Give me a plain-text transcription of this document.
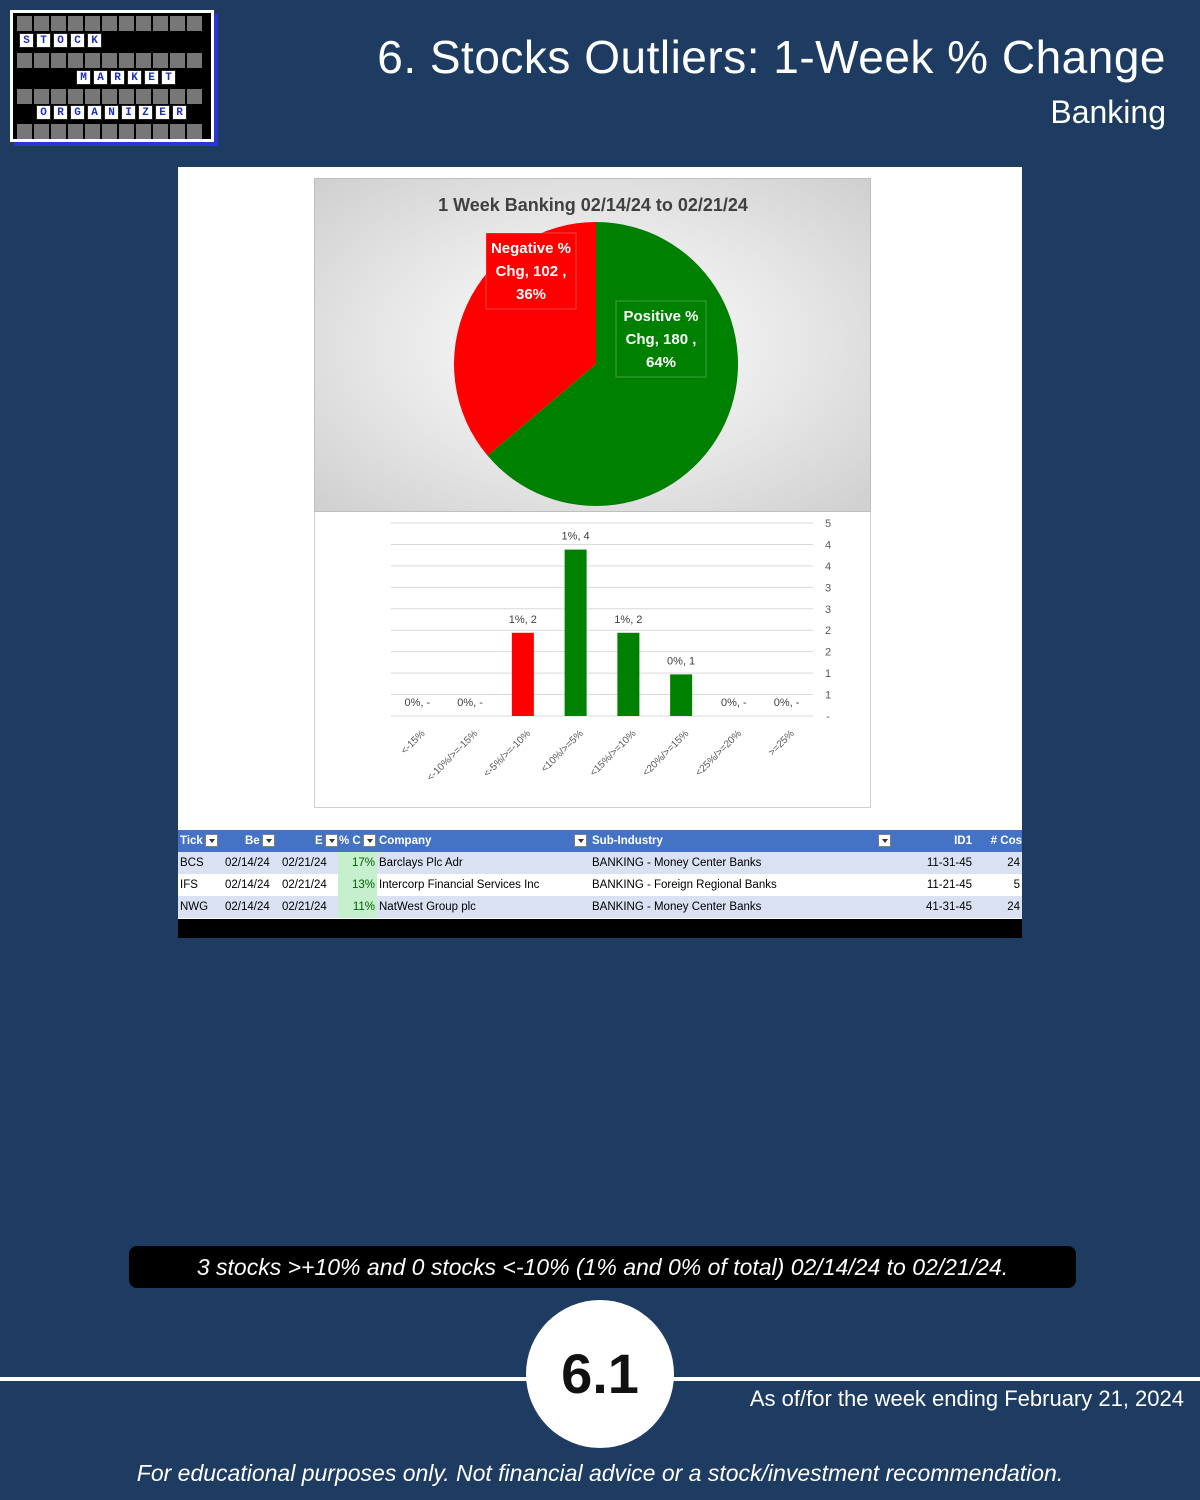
S T O C K
M A R K E T
O R G A N I Z E R
6. Stocks Outliers: 1-Week % Change
Banking
1 Week Banking 02/14/24 to 02/21/24
Positive %
Chg, 180 ,
64%
Negative %
Chg, 102 ,
36%
-
1
1
2
2
3
3
4
4
5
0%, -
<-15%
0%, -
<-10%/>=-15%
1%, 2
<-5%/>=-10%
1%, 4
<10%/>=5%
1%, 2
<15%/>=10%
0%, 1
<20%/>=15%
0%, -
<25%/>=20%
0%, -
>=25%
Tick	Be	E	% C	Company	Sub-Industry	ID1	# Cos
BCS 02/14/24 02/21/24	17% Barclays Plc Adr	BANKING - Money Center Banks	11-31-45	24
IFS 02/14/24 02/21/24	13% Intercorp Financial Services Inc	BANKING - Foreign Regional Banks	11-21-45	5
NWG 02/14/24 02/21/24	11% NatWest Group plc	BANKING - Money Center Banks	41-31-45	24
3 stocks >+10% and 0 stocks <-10% (1% and 0% of total) 02/14/24 to 02/21/24.
6.1	As of/for the week ending February 21, 2024
For educational purposes only. Not financial advice or a stock/investment recommendation.
